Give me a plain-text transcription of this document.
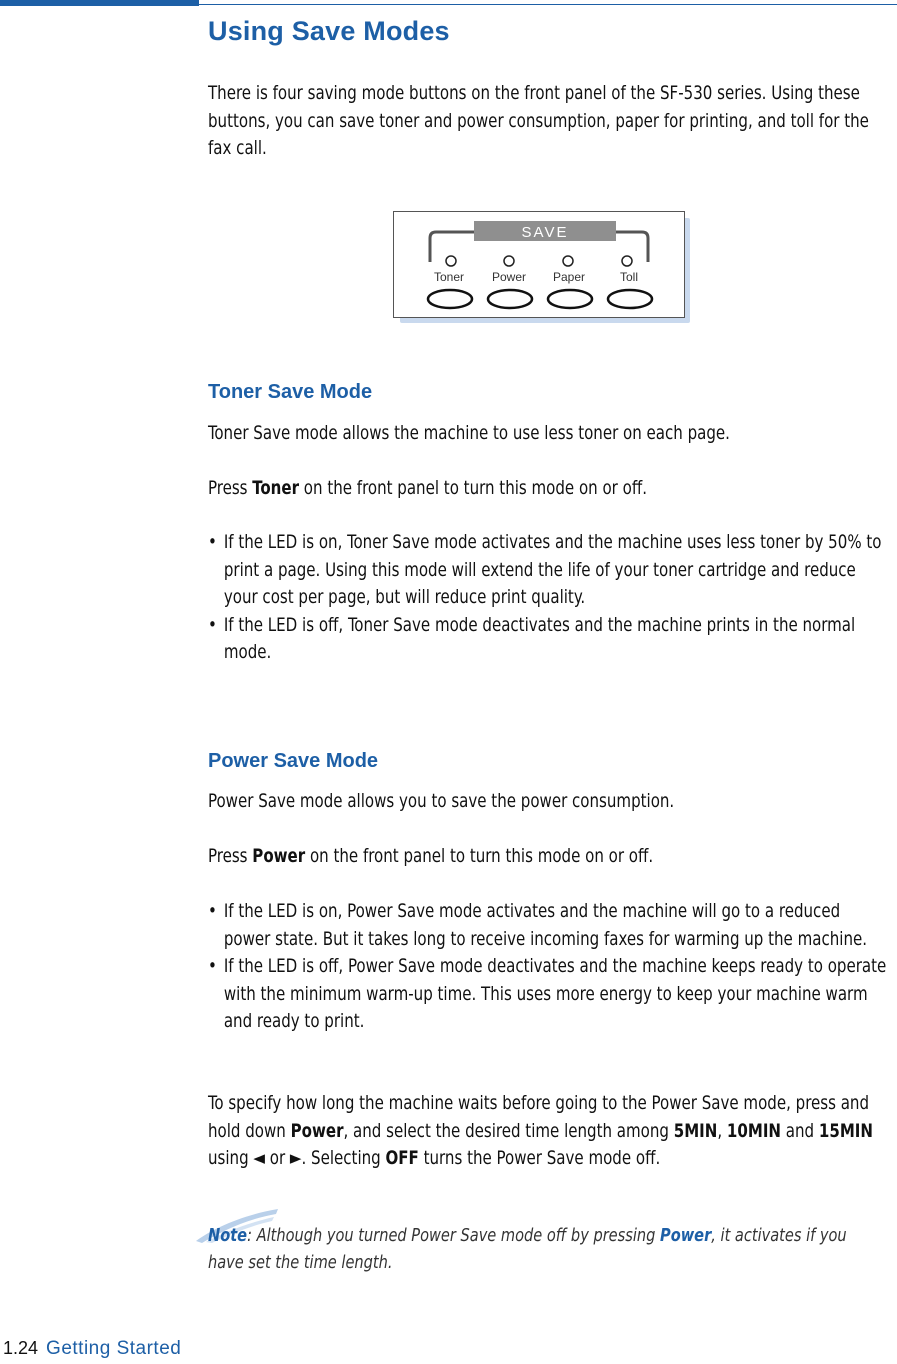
Using Save Modes

There is four saving mode buttons on the front panel of the SF-530 series. Using these buttons, you can save toner and power consumption, paper for printing, and toll for the fax call.

SAVE
Toner Power Paper	Toll
Toner Save Mode

Toner Save mode allows the machine to use less toner on each page.

Press Toner on the front panel to turn this mode on or off.

• If the LED is on, Toner Save mode activates and the machine uses less toner by 50% to print a page. Using this mode will extend the life of your toner cartridge and reduce your cost per page, but will reduce print quality.

• If the LED is off, Toner Save mode deactivates and the machine prints in the normal mode.

Power Save Mode

Power Save mode allows you to save the power consumption.

Press Power on the front panel to turn this mode on or off.

• If the LED is on, Power Save mode activates and the machine will go to a reduced power state. But it takes long to receive incoming faxes for warming up the machine.

• If the LED is off, Power Save mode deactivates and the machine keeps ready to operate with the minimum warm-up time. This uses more energy to keep your machine warm and ready to print.

To specify how long the machine waits before going to the Power Save mode, press and hold down Power, and select the desired time length among 5MIN, 10MIN and 15MIN using ◄ or ►. Selecting OFF turns the Power Save mode off.

Note: Although you turned Power Save mode off by pressing Power, it activates if you have set the time length.

1.24 Getting Started
